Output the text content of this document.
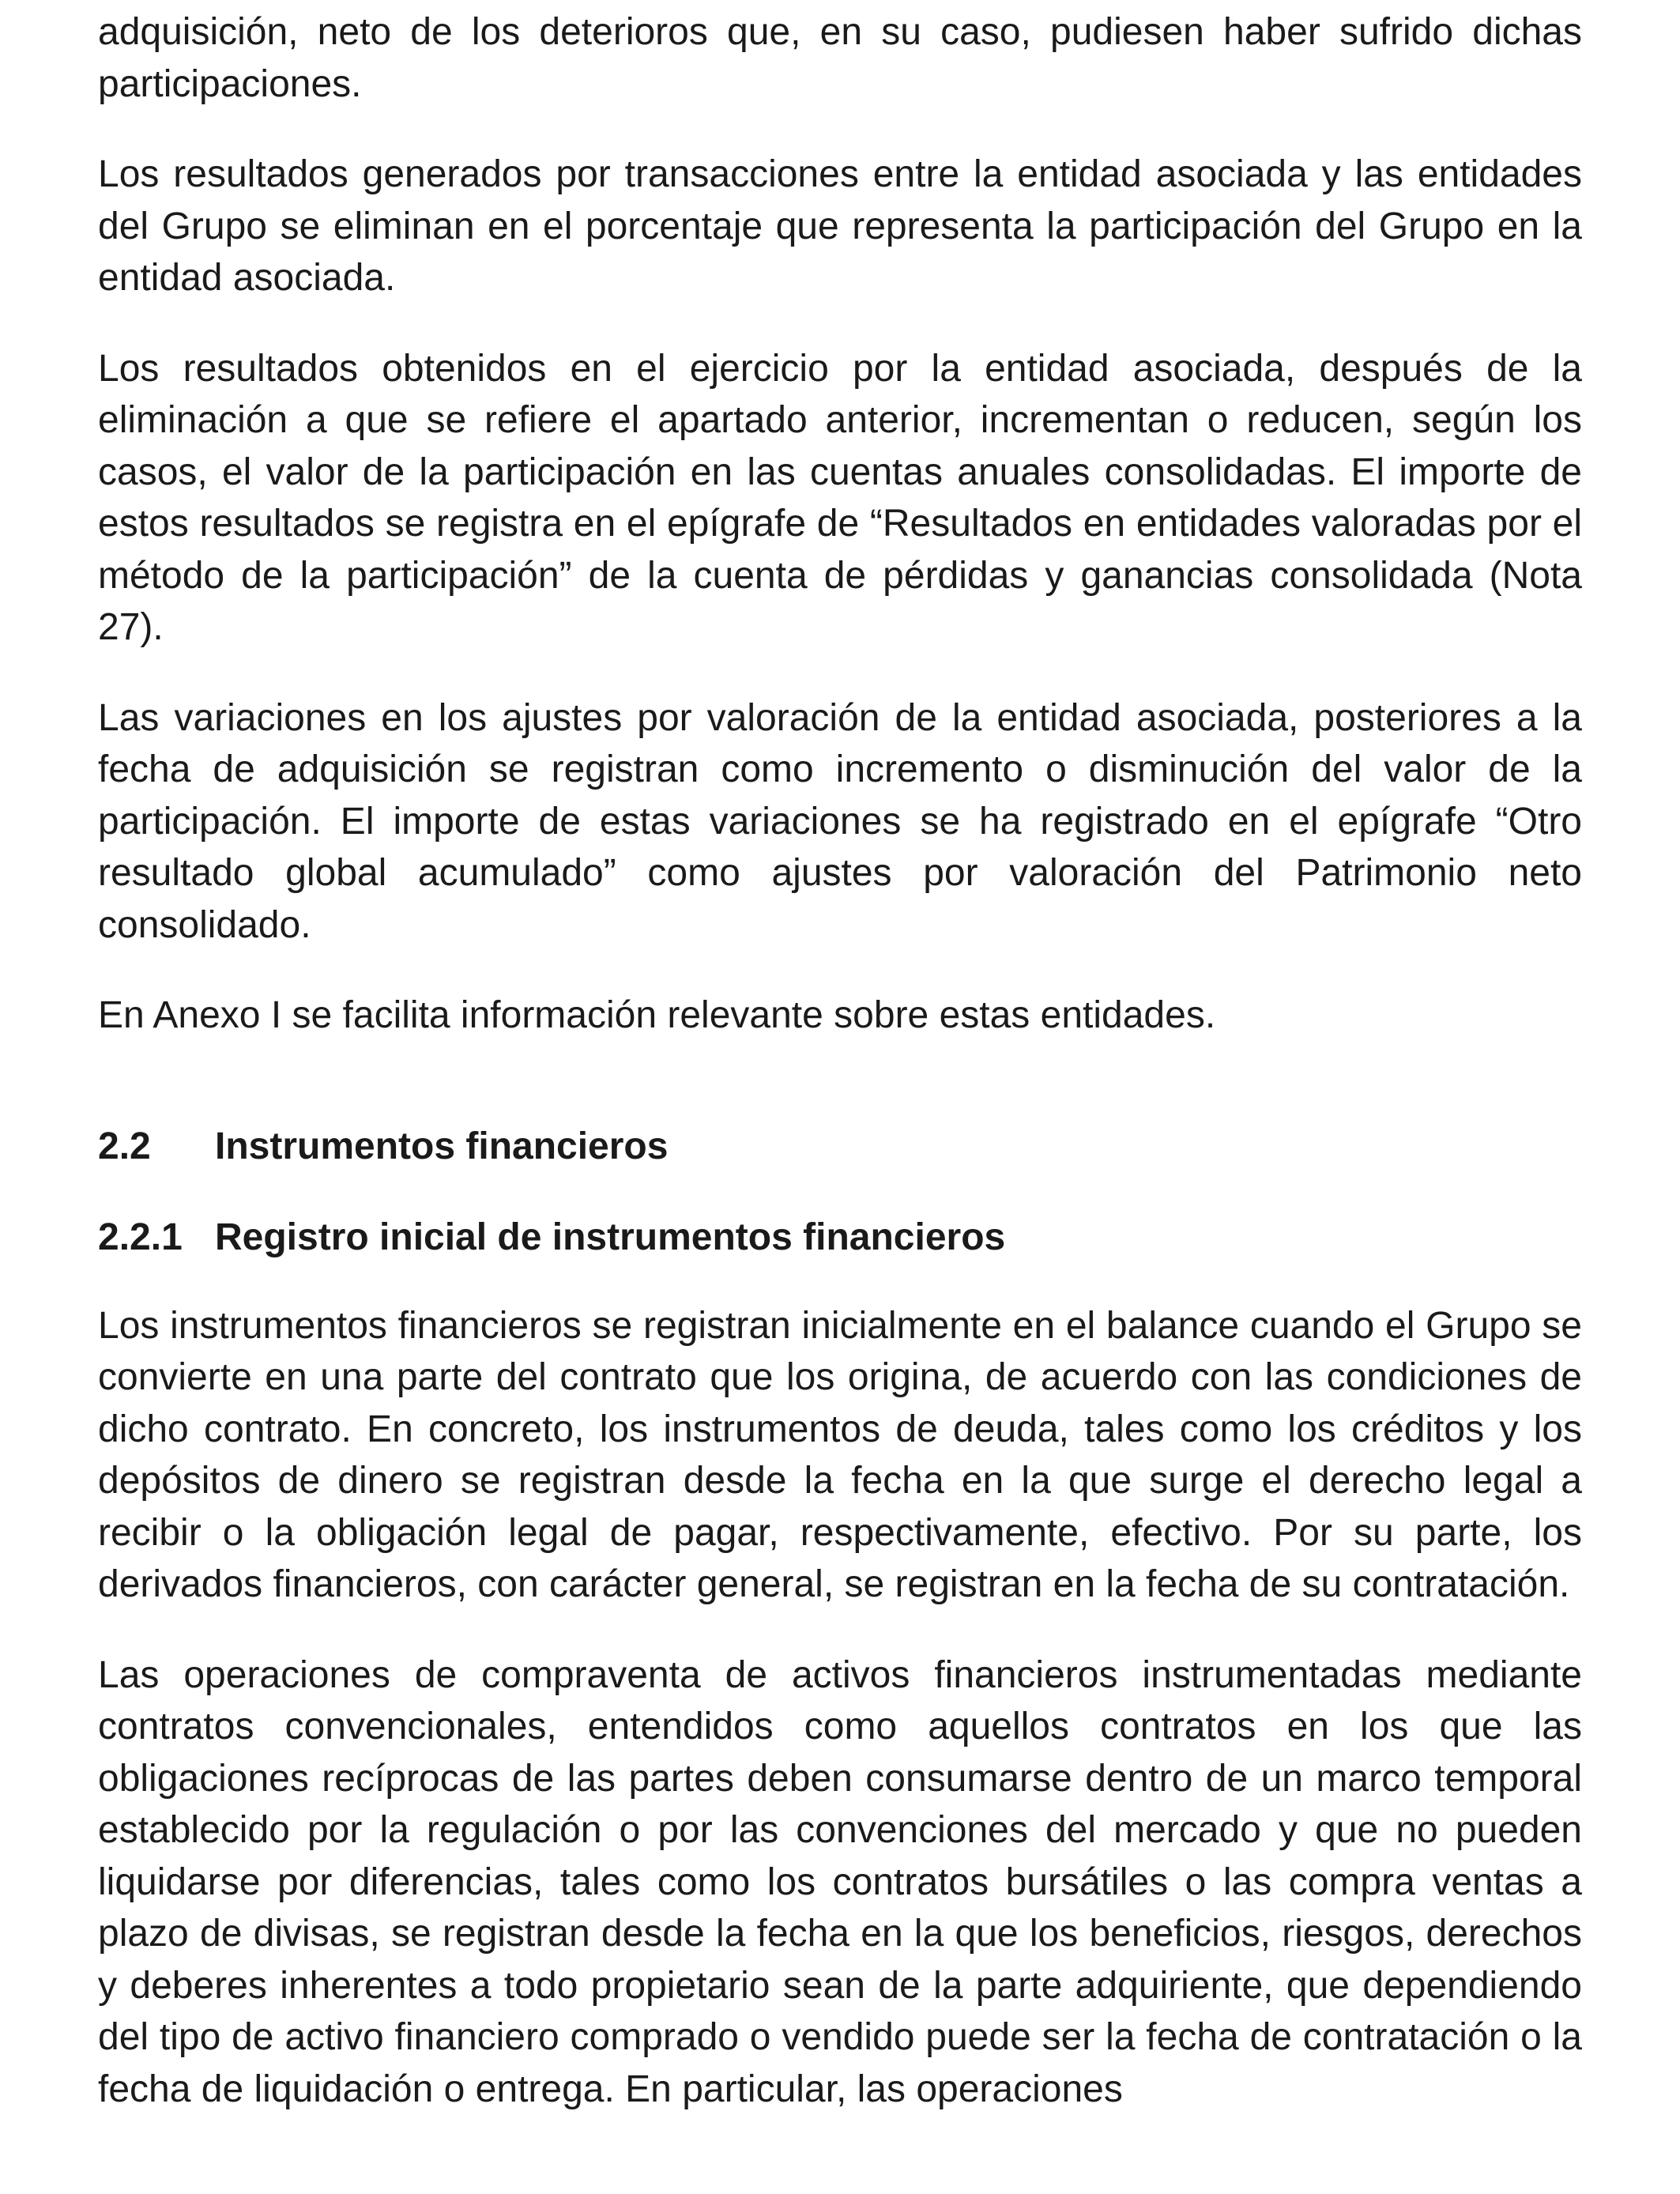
adquisición, neto de los deterioros que, en su caso, pudiesen haber sufrido dichas participaciones.

Los resultados generados por transacciones entre la entidad asociada y las entidades del Grupo se eliminan en el porcentaje que representa la participación del Grupo en la entidad asociada.

Los resultados obtenidos en el ejercicio por la entidad asociada, después de la eliminación a que se refiere el apartado anterior, incrementan o reducen, según los casos, el valor de la participación en las cuentas anuales consolidadas. El importe de estos resultados se registra en el epígrafe de “Resultados en entidades valoradas por el método de la participación” de la cuenta de pérdidas y ganancias consolidada (Nota 27).

Las variaciones en los ajustes por valoración de la entidad asociada, posteriores a la fecha de adquisición se registran como incremento o disminución del valor de la participación. El importe de estas variaciones se ha registrado en el epígrafe “Otro resultado global acumulado” como ajustes por valoración del Patrimonio neto consolidado.

En Anexo I se facilita información relevante sobre estas entidades.

2.2	Instrumentos financieros
2.2.1 Registro inicial de instrumentos financieros

Los instrumentos financieros se registran inicialmente en el balance cuando el Grupo se convierte en una parte del contrato que los origina, de acuerdo con las condiciones de dicho contrato. En concreto, los instrumentos de deuda, tales como los créditos y los depósitos de dinero se registran desde la fecha en la que surge el derecho legal a recibir o la obligación legal de pagar, respectivamente, efectivo. Por su parte, los derivados financieros, con carácter general, se registran en la fecha de su contratación.

Las operaciones de compraventa de activos financieros instrumentadas mediante contratos convencionales, entendidos como aquellos contratos en los que las obligaciones recíprocas de las partes deben consumarse dentro de un marco temporal establecido por la regulación o por las convenciones del mercado y que no pueden liquidarse por diferencias, tales como los contratos bursátiles o las compra ventas a plazo de divisas, se registran desde la fecha en la que los beneficios, riesgos, derechos y deberes inherentes a todo propietario sean de la parte adquiriente, que dependiendo del tipo de activo financiero comprado o vendido puede ser la fecha de contratación o la fecha de liquidación o entrega. En particular, las operaciones
